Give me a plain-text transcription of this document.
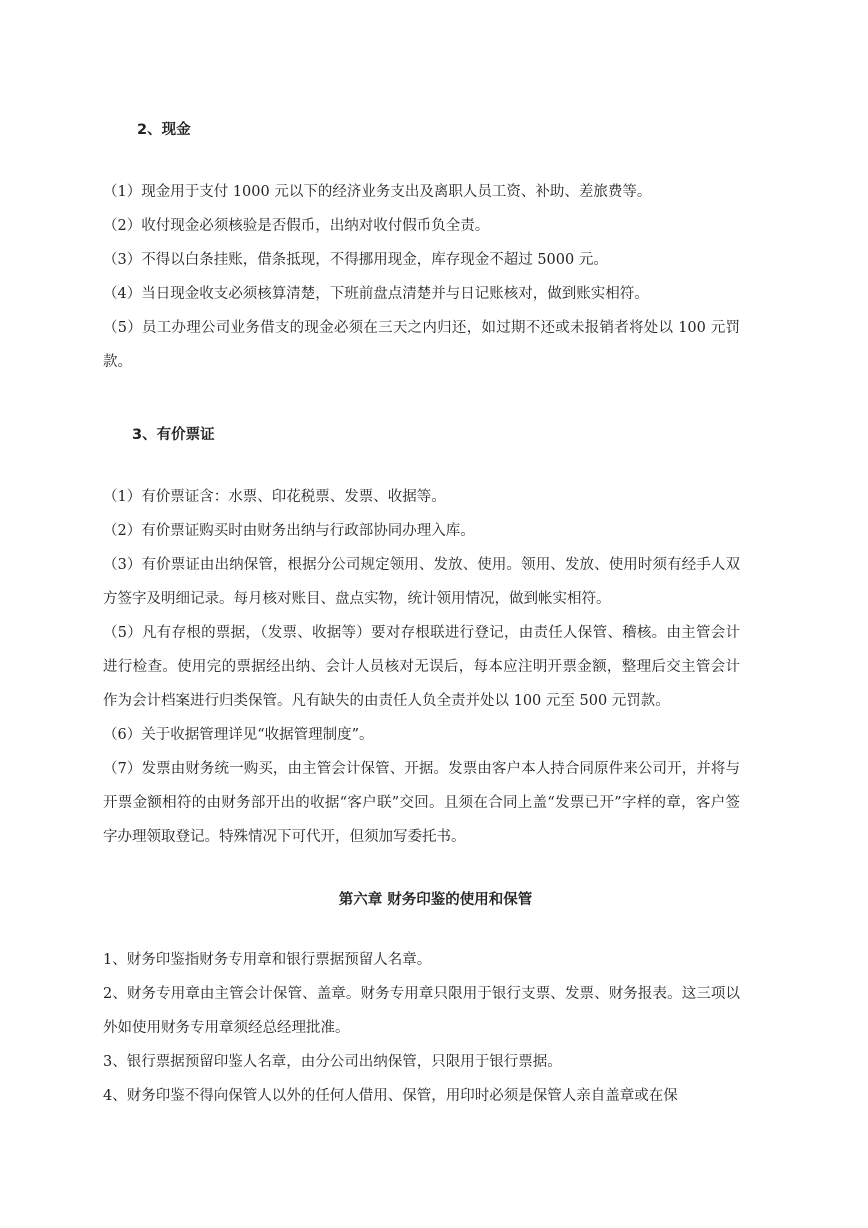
2、现金

（1）现金用于支付 1000 元以下的经济业务支出及离职人员工资、补助、差旅费等。

（2）收付现金必须核验是否假币，出纳对收付假币负全责。

（3）不得以白条挂账，借条抵现，不得挪用现金，库存现金不超过 5000 元。

（4）当日现金收支必须核算清楚，下班前盘点清楚并与日记账核对，做到账实相符。

（5）员工办理公司业务借支的现金必须在三天之内归还，如过期不还或未报销者将处以 100 元罚款。

3、有价票证

（1）有价票证含：水票、印花税票、发票、收据等。

（2）有价票证购买时由财务出纳与行政部协同办理入库。

（3）有价票证由出纳保管，根据分公司规定领用、发放、使用。领用、发放、使用时须有经手人双方签字及明细记录。每月核对账目、盘点实物，统计领用情况，做到帐实相符。

（5）凡有存根的票据，（发票、收据等）要对存根联进行登记，由责任人保管、稽核。由主管会计进行检查。使用完的票据经出纳、会计人员核对无误后，每本应注明开票金额，整理后交主管会计作为会计档案进行归类保管。凡有缺失的由责任人负全责并处以 100 元至 500 元罚款。

（6）关于收据管理详见“收据管理制度”。

（7）发票由财务统一购买，由主管会计保管、开据。发票由客户本人持合同原件来公司开，并将与开票金额相符的由财务部开出的收据“客户联”交回。且须在合同上盖“发票已开”字样的章，客户签字办理领取登记。特殊情况下可代开，但须加写委托书。

第六章 财务印鉴的使用和保管

1、财务印鉴指财务专用章和银行票据预留人名章。

2、财务专用章由主管会计保管、盖章。财务专用章只限用于银行支票、发票、财务报表。这三项以外如使用财务专用章须经总经理批准。

3、银行票据预留印鉴人名章，由分公司出纳保管，只限用于银行票据。

4、财务印鉴不得向保管人以外的任何人借用、保管，用印时必须是保管人亲自盖章或在保
